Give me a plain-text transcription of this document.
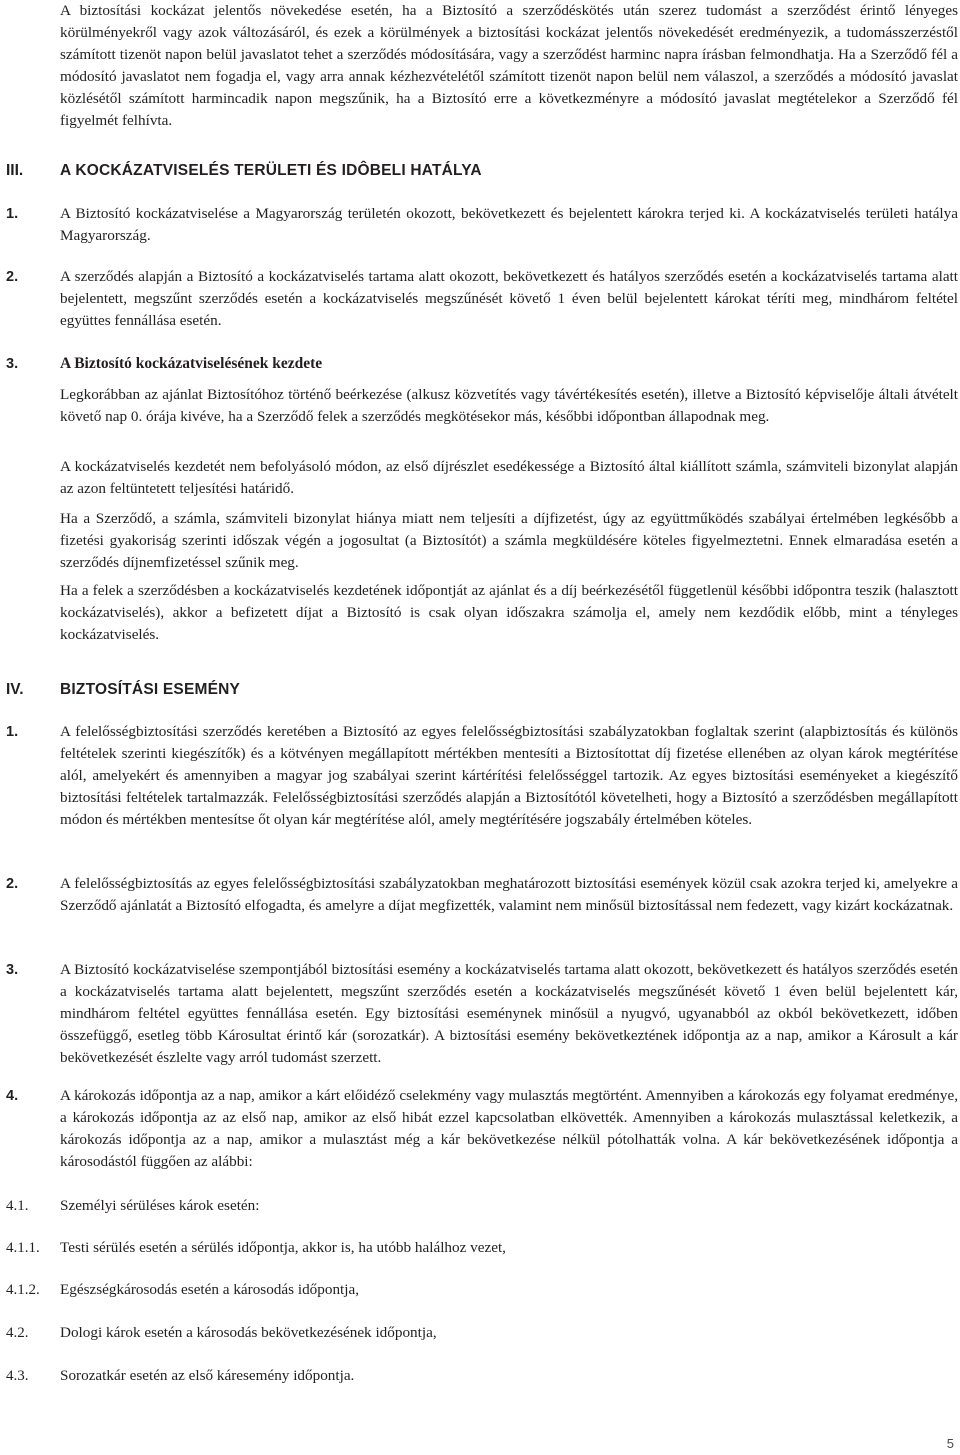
A biztosítási kockázat jelentős növekedése esetén, ha a Biztosító a szerződéskötés után szerez tudomást a szerződést érintő lényeges körülményekről vagy azok változásáról, és ezek a körülmények a biztosítási kockázat jelentős növekedését eredményezik, a tudomásszerzéstől számított tizenöt napon belül javaslatot tehet a szerződés módosítására, vagy a szerződést harminc napra írásban felmondhatja. Ha a Szerződő fél a módosító javaslatot nem fogadja el, vagy arra annak kézhezvételétől számított tizenöt napon belül nem válaszol, a szerződés a módosító javaslat közlésétől számított harmincadik napon megszűnik, ha a Biztosító erre a következményre a módosító javaslat megtételekor a Szerződő fél figyelmét felhívta.
III. A KOCKÁZATVISELÉS TERÜLETI ÉS IDÔBELI HATÁLYA
1.	A Biztosító kockázatviselése a Magyarország területén okozott, bekövetkezett és bejelentett károkra terjed ki. A kockázatviselés területi hatálya Magyarország.
2.	A szerződés alapján a Biztosító a kockázatviselés tartama alatt okozott, bekövetkezett és hatályos szerződés esetén a kockázatviselés tartama alatt bejelentett, megszűnt szerződés esetén a kockázatviselés megszűnését követő 1 éven belül bejelentett károkat téríti meg, mindhárom feltétel együttes fennállása esetén.
3.	A Biztosító kockázatviselésének kezdete
Legkorábban az ajánlat Biztosítóhoz történő beérkezése (alkusz közvetítés vagy távértékesítés esetén), illetve a Biztosító képviselője általi átvételt követő nap 0. órája kivéve, ha a Szerződő felek a szerződés megkötésekor más, későbbi időpontban állapodnak meg.
A kockázatviselés kezdetét nem befolyásoló módon, az első díjrészlet esedékessége a Biztosító által kiállított számla, számviteli bizonylat alapján az azon feltüntetett teljesítési határidő.
Ha a Szerződő, a számla, számviteli bizonylat hiánya miatt nem teljesíti a díjfizetést, úgy az együttműködés szabályai értelmében legkésőbb a fizetési gyakoriság szerinti időszak végén a jogosultat (a Biztosítót) a számla megküldésére köteles figyelmeztetni. Ennek elmaradása esetén a szerződés díjnemfizetéssel szűnik meg.
Ha a felek a szerződésben a kockázatviselés kezdetének időpontját az ajánlat és a díj beérkezésétől függetlenül későbbi időpontra teszik (halasztott kockázatviselés), akkor a befizetett díjat a Biztosító is csak olyan időszakra számolja el, amely nem kezdődik előbb, mint a tényleges kockázatviselés.
IV. BIZTOSÍTÁSI ESEMÉNY
1.	A felelősségbiztosítási szerződés keretében a Biztosító az egyes felelősségbiztosítási szabályzatokban foglaltak szerint (alapbiztosítás és különös feltételek szerinti kiegészítők) és a kötvényen megállapított mértékben mentesíti a Biztosítottat díj fizetése ellenében az olyan károk megtérítése alól, amelyekért és amennyiben a magyar jog szabályai szerint kártérítési felelősséggel tartozik. Az egyes biztosítási eseményeket a kiegészítő biztosítási feltételek tartalmazzák. Felelősségbiztosítási szerződés alapján a Biztosítótól követelheti, hogy a Biztosító a szerződésben megállapított módon és mértékben mentesítse őt olyan kár megtérítése alól, amely megtérítésére jogszabály értelmében köteles.
2.	A felelősségbiztosítás az egyes felelősségbiztosítási szabályzatokban meghatározott biztosítási események közül csak azokra terjed ki, amelyekre a Szerződő ajánlatát a Biztosító elfogadta, és amelyre a díjat megfizették, valamint nem minősül biztosítással nem fedezett, vagy kizárt kockázatnak.
3.	A Biztosító kockázatviselése szempontjából biztosítási esemény a kockázatviselés tartama alatt okozott, bekövetkezett és hatályos szerződés esetén a kockázatviselés tartama alatt bejelentett, megszűnt szerződés esetén a kockázatviselés megszűnését követő 1 éven belül bejelentett kár, mindhárom feltétel együttes fennállása esetén. Egy biztosítási eseménynek minősül a nyugvó, ugyanabból az okból bekövetkezett, időben összefüggő, esetleg több Károsultat érintő kár (sorozatkár). A biztosítási esemény bekövetkeztének időpontja az a nap, amikor a Károsult a kár bekövetkezését észlelte vagy arról tudomást szerzett.
4.	A károkozás időpontja az a nap, amikor a kárt előidéző cselekmény vagy mulasztás megtörtént. Amennyiben a károkozás egy folyamat eredménye, a károkozás időpontja az az első nap, amikor az első hibát ezzel kapcsolatban elkövették. Amennyiben a károkozás mulasztással keletkezik, a károkozás időpontja az a nap, amikor a mulasztást még a kár bekövetkezése nélkül pótolhatták volna. A kár bekövetkezésének időpontja a károsodástól függően az alábbi:
4.1. Személyi sérüléses károk esetén:
4.1.1. Testi sérülés esetén a sérülés időpontja, akkor is, ha utóbb halálhoz vezet,
4.1.2. Egészségkárosodás esetén a károsodás időpontja,
4.2. Dologi károk esetén a károsodás bekövetkezésének időpontja,
4.3. Sorozatkár esetén az első káresemény időpontja.
5
